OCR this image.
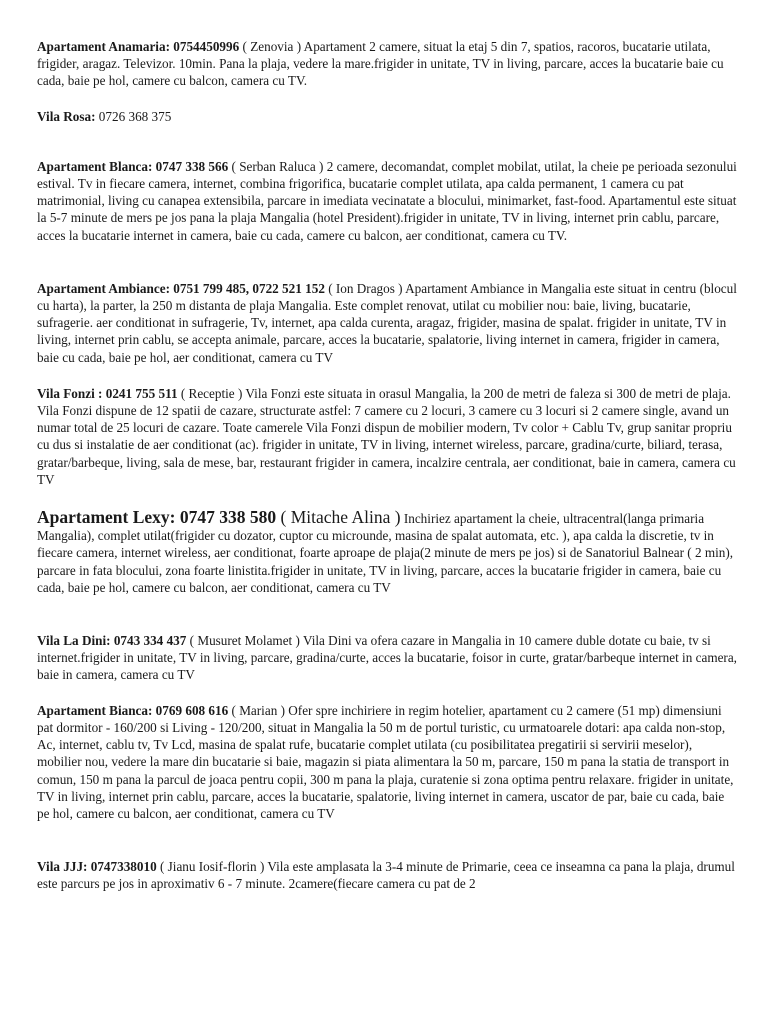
Apartament Anamaria: 0754450996 ( Zenovia ) Apartament 2 camere, situat la etaj 5 din 7, spatios, racoros, bucatarie utilata, frigider, aragaz. Televizor. 10min. Pana la plaja, vedere la mare.frigider in unitate, TV in living, parcare, acces la bucatarie baie cu cada, baie pe hol, camere cu balcon, camera cu TV.

Vila Rosa: 0726 368 375

Apartament Blanca: 0747 338 566 ( Serban Raluca ) 2 camere, decomandat, complet mobilat, utilat, la cheie pe perioada sezonului estival. Tv in fiecare camera, internet, combina frigorifica, bucatarie complet utilata, apa calda permanent, 1 camera cu pat matrimonial, living cu canapea extensibila, parcare in imediata vecinatate a blocului, minimarket, fast-food. Apartamentul este situat la 5-7 minute de mers pe jos pana la plaja Mangalia (hotel President).frigider in unitate, TV in living, internet prin cablu, parcare, acces la bucatarie internet in camera, baie cu cada, camere cu balcon, aer conditionat, camera cu TV.

Apartament Ambiance: 0751 799 485, 0722 521 152 ( Ion Dragos ) Apartament Ambiance in Mangalia este situat in centru (blocul cu harta), la parter, la 250 m distanta de plaja Mangalia. Este complet renovat, utilat cu mobilier nou: baie, living, bucatarie, sufragerie. aer conditionat in sufragerie, Tv, internet, apa calda curenta, aragaz, frigider, masina de spalat. frigider in unitate, TV in living, internet prin cablu, se accepta animale, parcare, acces la bucatarie, spalatorie, living internet in camera, frigider in camera, baie cu cada, baie pe hol, aer conditionat, camera cu TV

Vila Fonzi : 0241 755 511 ( Receptie ) Vila Fonzi este situata in orasul Mangalia, la 200 de metri de faleza si 300 de metri de plaja. Vila Fonzi dispune de 12 spatii de cazare, structurate astfel: 7 camere cu 2 locuri, 3 camere cu 3 locuri si 2 camere single, avand un numar total de 25 locuri de cazare. Toate camerele Vila Fonzi dispun de mobilier modern, Tv color + Cablu Tv, grup sanitar propriu cu dus si instalatie de aer conditionat (ac). frigider in unitate, TV in living, internet wireless, parcare, gradina/curte, biliard, terasa, gratar/barbeque, living, sala de mese, bar, restaurant frigider in camera, incalzire centrala, aer conditionat, baie in camera, camera cu TV

Apartament Lexy: 0747 338 580 ( Mitache Alina ) Inchiriez apartament la cheie, ultracentral(langa primaria Mangalia), complet utilat(frigider cu dozator, cuptor cu microunde, masina de spalat automata, etc. ), apa calda la discretie, tv in fiecare camera, internet wireless, aer conditionat, foarte aproape de plaja(2 minute de mers pe jos) si de Sanatoriul Balnear ( 2 min), parcare in fata blocului, zona foarte linistita.frigider in unitate, TV in living, parcare, acces la bucatarie frigider in camera, baie cu cada, baie pe hol, camere cu balcon, aer conditionat, camera cu TV

Vila La Dini: 0743 334 437 ( Musuret Molamet ) Vila Dini va ofera cazare in Mangalia in 10 camere duble dotate cu baie, tv si internet.frigider in unitate, TV in living, parcare, gradina/curte, acces la bucatarie, foisor in curte, gratar/barbeque internet in camera, baie in camera, camera cu TV

Apartament Bianca: 0769 608 616 ( Marian ) Ofer spre inchiriere in regim hotelier, apartament cu 2 camere (51 mp) dimensiuni pat dormitor - 160/200 si Living - 120/200, situat in Mangalia la 50 m de portul turistic, cu urmatoarele dotari: apa calda non-stop, Ac, internet, cablu tv, Tv Lcd, masina de spalat rufe, bucatarie complet utilata (cu posibilitatea pregatirii si servirii meselor), mobilier nou, vedere la mare din bucatarie si baie, magazin si piata alimentara la 50 m, parcare, 150 m pana la statia de transport in comun, 150 m pana la parcul de joaca pentru copii, 300 m pana la plaja, curatenie si zona optima pentru relaxare. frigider in unitate, TV in living, internet prin cablu, parcare, acces la bucatarie, spalatorie, living internet in camera, uscator de par, baie cu cada, baie pe hol, camere cu balcon, aer conditionat, camera cu TV

Vila JJJ: 0747338010 ( Jianu Iosif-florin ) Vila este amplasata la 3-4 minute de Primarie, ceea ce inseamna ca pana la plaja, drumul este parcurs pe jos in aproximativ 6 - 7 minute. 2camere(fiecare camera cu pat de 2
